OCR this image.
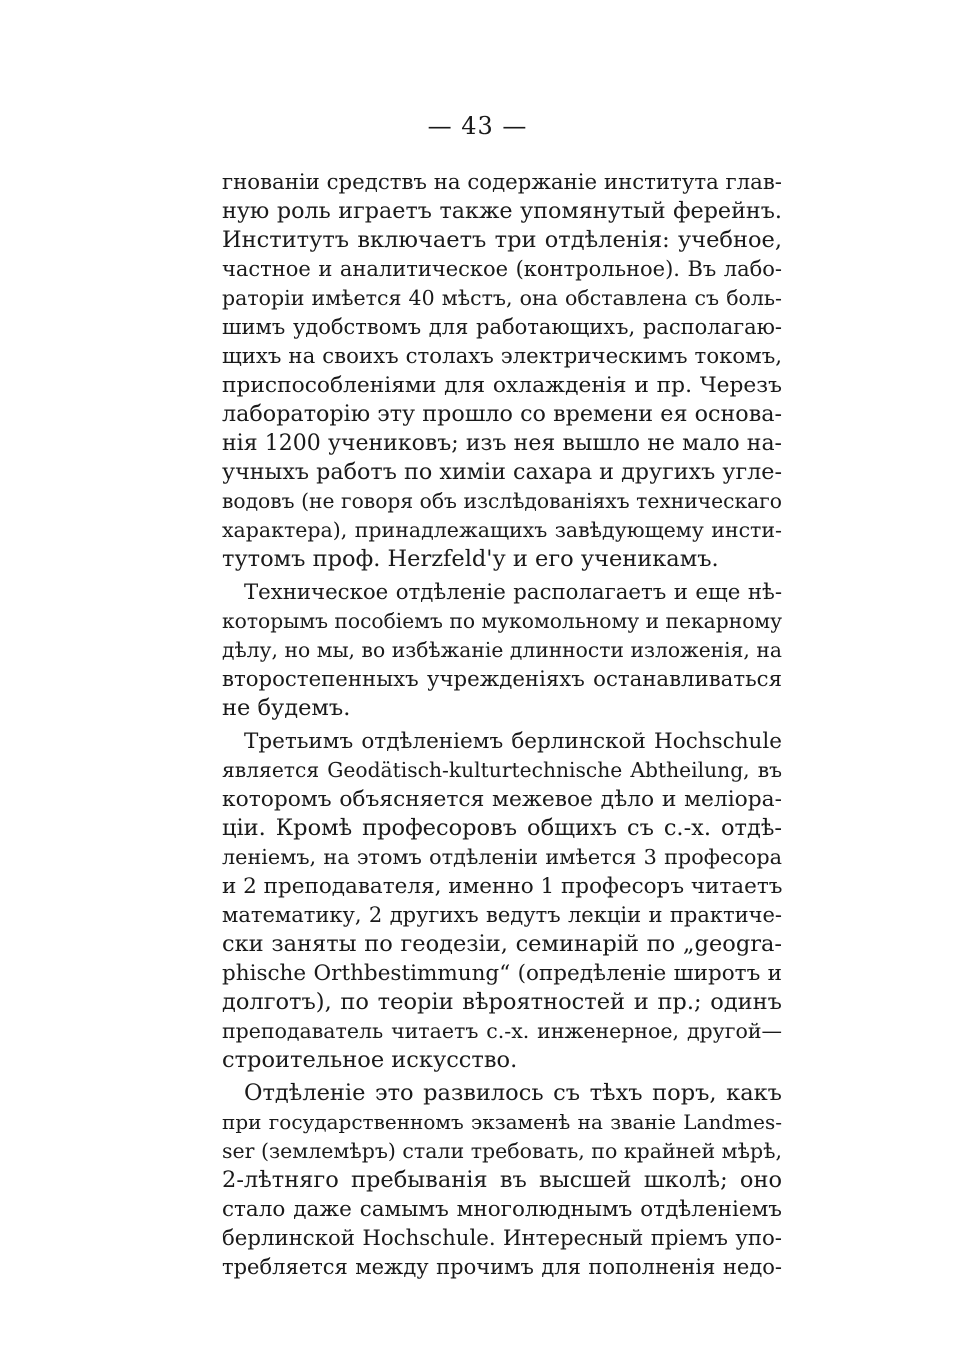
— 43 —
гнованіи средствъ на содержаніе института глав-
ную роль играетъ также упомянутый ферейнъ.
Институтъ включаетъ три отдѣленія: учебное,
частное и аналитическое (контрольное). Въ лабо-
раторіи имѣется 40 мѣстъ, она обставлена съ боль-
шимъ удобствомъ для работающихъ, располагаю-
щихъ на своихъ столахъ электрическимъ токомъ,
приспособленіями для охлажденія и пр. Черезъ
лабораторію эту прошло со времени ея основа-
нія 1200 учениковъ; изъ нея вышло не мало на-
учныхъ работъ по химіи сахара и другихъ угле-
водовъ (не говоря объ изслѣдованіяхъ техническаго
характера), принадлежащихъ завѣдующему инсти-
тутомъ проф. Herzfeld'у и его ученикамъ.
Техническое отдѣленіе располагаетъ и еще нѣ-
которымъ пособіемъ по мукомольному и пекарному
дѣлу, но мы, во избѣжаніе длинности изложенія, на
второстепенныхъ учрежденіяхъ останавливаться
не будемъ.
Третьимъ отдѣленіемъ берлинской Hochschule
является Geodätisch-kulturtechnische Abtheilung, въ
которомъ объясняется межевое дѣло и меліора-
ціи. Кромѣ професоровъ общихъ съ с.-х. отдѣ-
леніемъ, на этомъ отдѣленіи имѣется 3 професора
и 2 преподавателя, именно 1 професоръ читаетъ
математику, 2 другихъ ведутъ лекціи и практиче-
ски заняты по геодезіи, семинарій по „geogra-
phische Orthbestimmung“ (опредѣленіе широтъ и
долготъ), по теоріи вѣроятностей и пр.; одинъ
преподаватель читаетъ с.-х. инженерное, другой—
строительное искусство.
Отдѣленіе это развилось съ тѣхъ поръ, какъ
при государственномъ экзаменѣ на званіе Landmes-
ser (землемѣръ) стали требовать, по крайней мѣрѣ,
2-лѣтняго пребыванія въ высшей школѣ; оно
стало даже самымъ многолюднымъ отдѣленіемъ
берлинской Hochschule. Интересный пріемъ упо-
требляется между прочимъ для пополненія недо-
